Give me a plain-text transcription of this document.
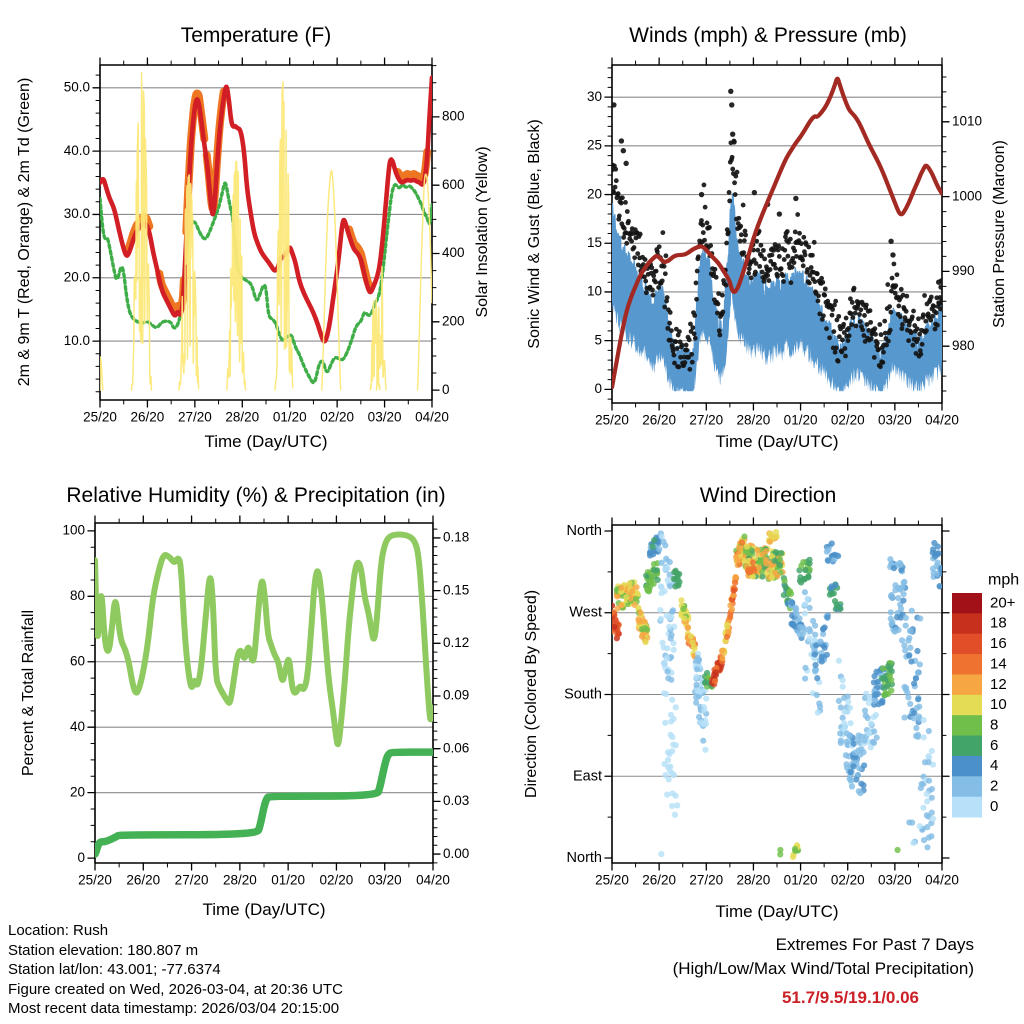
Temperature (F)	Winds (mph) & Pressure (mb)
Relative Humidity (%) & Precipitation (in)	Wind Direction
Time (Day/UTC)	Time (Day/UTC)
Time (Day/UTC)	Time (Day/UTC)
2m & 9m T (Red, Orange) & 2m Td (Green)	Solar Insolation (Yellow) Sonic Wind & Gust (Blue, Black)	Station Pressure (Maroon)
Percent & Total Rainfall	Direction (Colored By Speed)
Location: Rush
Station elevation: 180.807 m
Station lat/lon: 43.001; -77.6374
Figure created on Wed, 2026-03-04, at 20:36 UTC
Most recent data timestamp: 2026/03/04 20:15:00
Extremes For Past 7 Days
(High/Low/Max Wind/Total Precipitation)
51.7/9.5/19.1/0.06
